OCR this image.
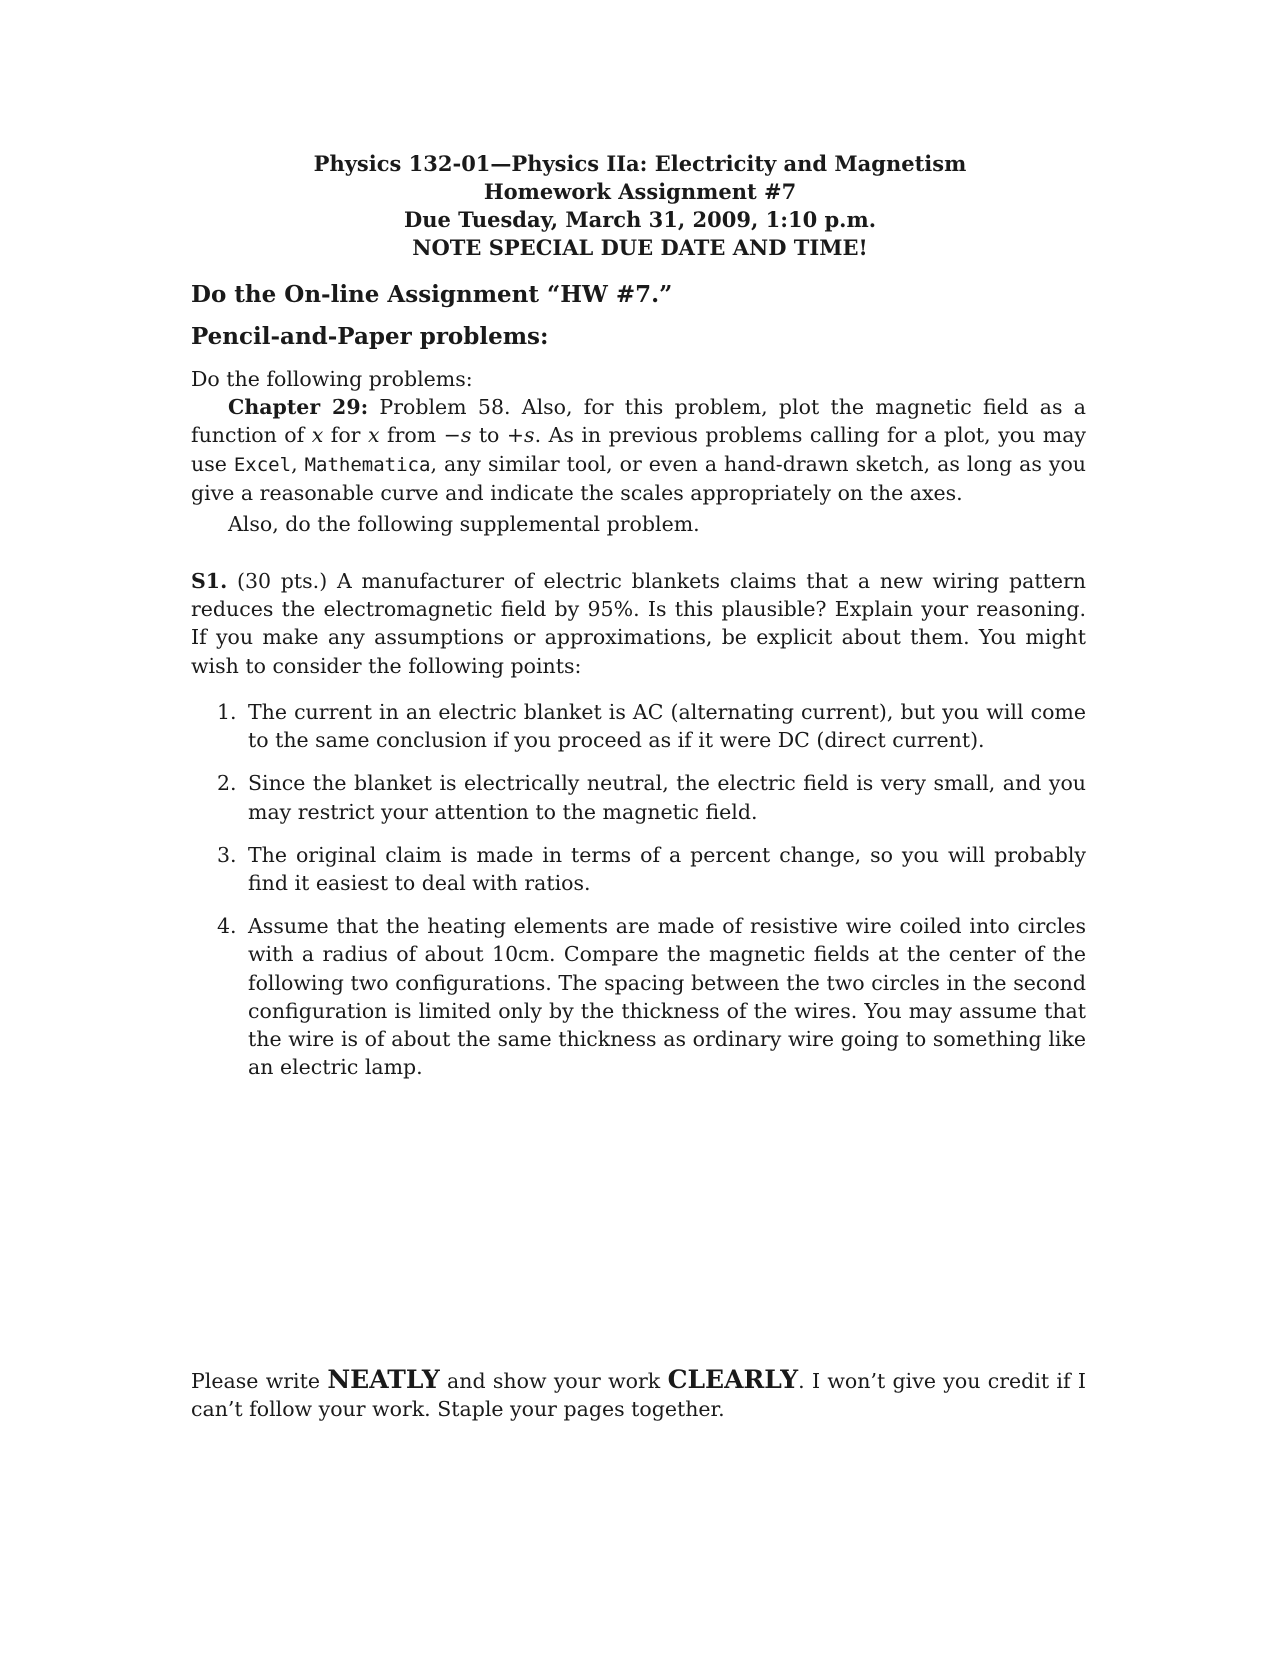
Physics 132-01—Physics IIa: Electricity and Magnetism
Homework Assignment #7
Due Tuesday, March 31, 2009, 1:10 p.m.
NOTE SPECIAL DUE DATE AND TIME!
Do the On-line Assignment “HW #7.”
Pencil-and-Paper problems:
Do the following problems:
Chapter 29: Problem 58. Also, for this problem, plot the magnetic field as a function of x for x from −s to +s. As in previous problems calling for a plot, you may use Excel, Mathematica, any similar tool, or even a hand-drawn sketch, as long as you give a reasonable curve and indicate the scales appropriately on the axes.
Also, do the following supplemental problem.
S1. (30 pts.) A manufacturer of electric blankets claims that a new wiring pattern reduces the electromagnetic field by 95%. Is this plausible? Explain your reasoning. If you make any assumptions or approximations, be explicit about them. You might wish to consider the following points:
1. The current in an electric blanket is AC (alternating current), but you will come to the same conclusion if you proceed as if it were DC (direct current).
2. Since the blanket is electrically neutral, the electric field is very small, and you may restrict your attention to the magnetic field.
3. The original claim is made in terms of a percent change, so you will probably find it easiest to deal with ratios.
4. Assume that the heating elements are made of resistive wire coiled into circles with a radius of about 10cm. Compare the magnetic fields at the center of the following two configurations. The spacing between the two circles in the second configuration is limited only by the thickness of the wires. You may assume that the wire is of about the same thickness as ordinary wire going to something like an electric lamp.
Please write NEATLY and show your work CLEARLY. I won’t give you credit if I can’t follow your work. Staple your pages together.
